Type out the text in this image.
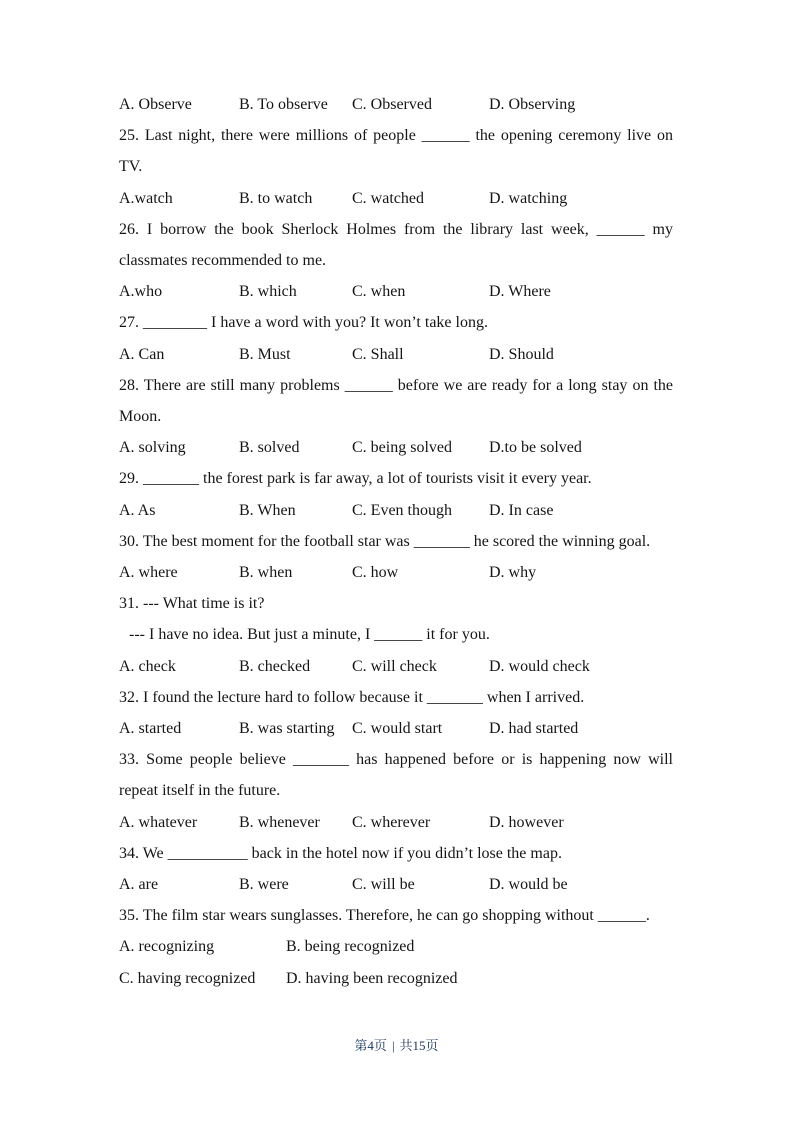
A. Observe	B. To observe	C. Observed	D. Observing
25. Last night, there were millions of people ______ the opening ceremony live on
TV.
A.watch	B. to watch	C. watched	D. watching
26. I borrow the book Sherlock Holmes from the library last week, ______ my
classmates recommended to me.
A.who	B. which	C. when	D. Where
27. ________ I have a word with you? It won’t take long.
A. Can	B. Must	C. Shall	D. Should
28. There are still many problems ______ before we are ready for a long stay on the
Moon.
A. solving	B. solved	C. being solved	D.to be solved
29. _______ the forest park is far away, a lot of tourists visit it every year.
A. As	B. When	C. Even though	D. In case
30. The best moment for the football star was _______ he scored the winning goal.
A. where	B. when	C. how	D. why
31. --- What time is it?
--- I have no idea. But just a minute, I ______ it for you.
A. check	B. checked	C. will check	D. would check
32. I found the lecture hard to follow because it _______ when I arrived.
A. started	B. was starting	C. would start	D. had started
33. Some people believe _______ has happened before or is happening now will
repeat itself in the future.
A. whatever	B. whenever	C. wherever	D. however
34. We __________ back in the hotel now if you didn’t lose the map.
A. are	B. were	C. will be	D. would be
35. The film star wears sunglasses. Therefore, he can go shopping without ______.
A. recognizing	B. being recognized
C. having recognized	D. having been recognized
第4页 | 共15页
